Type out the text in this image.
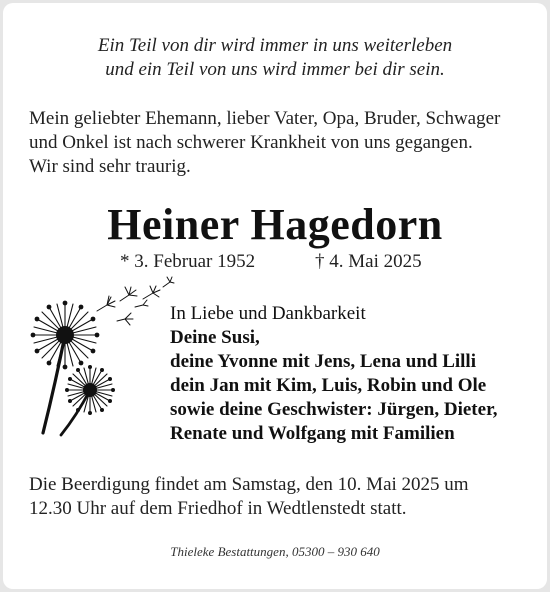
Ein Teil von dir wird immer in uns weiterleben
und ein Teil von uns wird immer bei dir sein.
Mein geliebter Ehemann, lieber Vater, Opa, Bruder, Schwager
und Onkel ist nach schwerer Krankheit von uns gegangen.
Wir sind sehr traurig.
Heiner Hagedorn
* 3. Februar 1952	† 4. Mai 2025
In Liebe und Dankbarkeit
Deine Susi,
deine Yvonne mit Jens, Lena und Lilli
dein Jan mit Kim, Luis, Robin und Ole
sowie deine Geschwister: Jürgen, Dieter,
Renate und Wolfgang mit Familien
Die Beerdigung findet am Samstag, den 10. Mai 2025 um
12.30 Uhr auf dem Friedhof in Wedtlenstedt statt.
Thieleke Bestattungen, 05300 – 930 640
